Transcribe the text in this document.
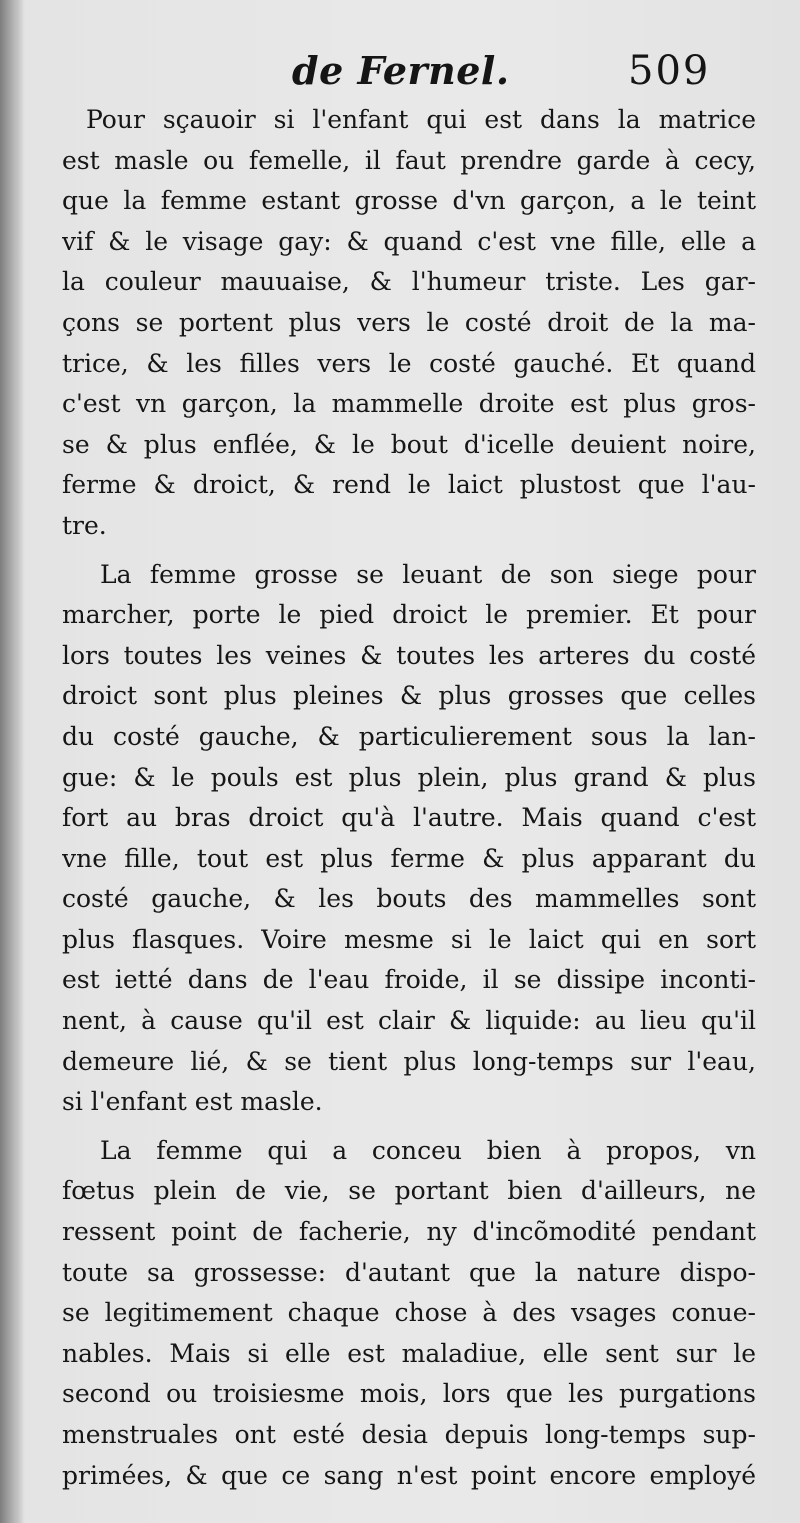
de Fernel.	509
Pour sçauoir si l'enfant qui est dans la matrice
est masle ou femelle, il faut prendre garde à cecy,
que la femme estant grosse d'vn garçon, a le teint
vif & le visage gay: & quand c'est vne fille, elle a
la couleur mauuaise, & l'humeur triste. Les gar-
çons se portent plus vers le costé droit de la ma-
trice, & les filles vers le costé gauché. Et quand
c'est vn garçon, la mammelle droite est plus gros-
se & plus enflée, & le bout d'icelle deuient noire,
ferme & droict, & rend le laict plustost que l'au-
tre.
La femme grosse se leuant de son siege pour
marcher, porte le pied droict le premier. Et pour
lors toutes les veines & toutes les arteres du costé
droict sont plus pleines & plus grosses que celles
du costé gauche, & particulierement sous la lan-
gue: & le pouls est plus plein, plus grand & plus
fort au bras droict qu'à l'autre. Mais quand c'est
vne fille, tout est plus ferme & plus apparant du
costé gauche, & les bouts des mammelles sont
plus flasques. Voire mesme si le laict qui en sort
est ietté dans de l'eau froide, il se dissipe inconti-
nent, à cause qu'il est clair & liquide: au lieu qu'il
demeure lié, & se tient plus long-temps sur l'eau,
si l'enfant est masle.
La femme qui a conceu bien à propos, vn
fœtus plein de vie, se portant bien d'ailleurs, ne
ressent point de facherie, ny d'incõmodité pendant
toute sa grossesse: d'autant que la nature dispo-
se legitimement chaque chose à des vsages conue-
nables. Mais si elle est maladiue, elle sent sur le
second ou troisiesme mois, lors que les purgations
menstruales ont esté desia depuis long-temps sup-
primées, & que ce sang n'est point encore employé
